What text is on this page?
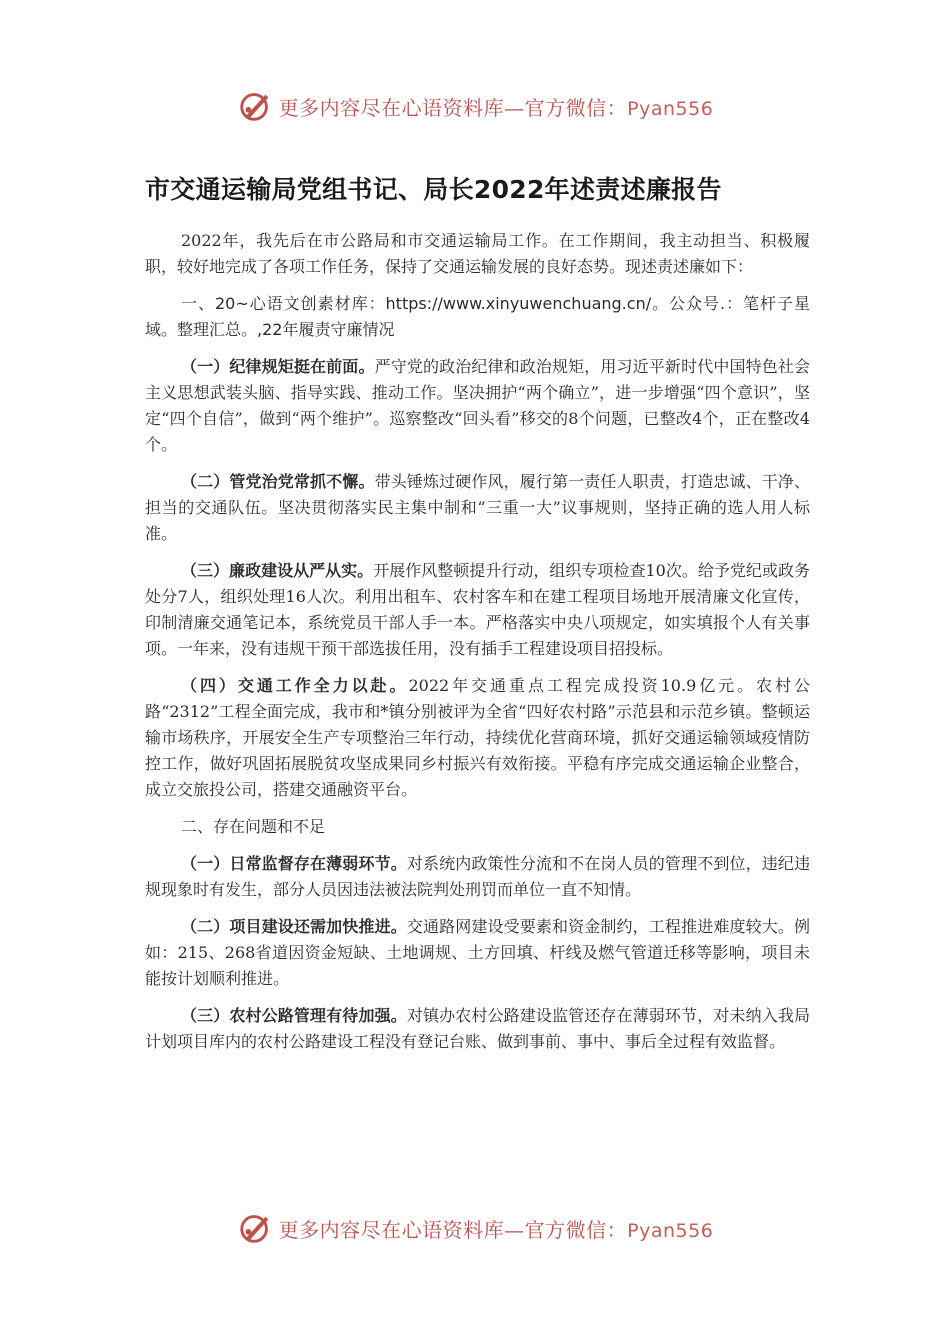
更多内容尽在心语资料库—官方微信：Pyan556
市交通运输局党组书记、局长2022年述责述廉报告

2022年，我先后在市公路局和市交通运输局工作。在工作期间，我主动担当、积极履职，较好地完成了各项工作任务，保持了交通运输发展的良好态势。现述责述廉如下：

一、20~心语文创素材库：https://www.xinyuwenchuang.cn/。公众号.：笔杆子星域。整理汇总。,22年履责守廉情况

（一）纪律规矩挺在前面。严守党的政治纪律和政治规矩，用习近平新时代中国特色社会主义思想武装头脑、指导实践、推动工作。坚决拥护“两个确立”，进一步增强“四个意识”，坚定“四个自信”，做到“两个维护”。巡察整改“回头看”移交的8个问题，已整改4个，正在整改4个。

（二）管党治党常抓不懈。带头锤炼过硬作风，履行第一责任人职责，打造忠诚、干净、担当的交通队伍。坚决贯彻落实民主集中制和“三重一大”议事规则，坚持正确的选人用人标准。

（三）廉政建设从严从实。开展作风整顿提升行动，组织专项检查10次。给予党纪或政务处分7人，组织处理16人次。利用出租车、农村客车和在建工程项目场地开展清廉文化宣传，印制清廉交通笔记本，系统党员干部人手一本。严格落实中央八项规定，如实填报个人有关事项。一年来，没有违规干预干部选拔任用，没有插手工程建设项目招投标。

（四）交通工作全力以赴。2022年交通重点工程完成投资10.9亿元。农村公路“2312”工程全面完成，我市和*镇分别被评为全省“四好农村路”示范县和示范乡镇。整顿运输市场秩序，开展安全生产专项整治三年行动，持续优化营商环境，抓好交通运输领域疫情防控工作，做好巩固拓展脱贫攻坚成果同乡村振兴有效衔接。平稳有序完成交通运输企业整合，成立交旅投公司，搭建交通融资平台。

二、存在问题和不足

（一）日常监督存在薄弱环节。对系统内政策性分流和不在岗人员的管理不到位，违纪违规现象时有发生，部分人员因违法被法院判处刑罚而单位一直不知情。

（二）项目建设还需加快推进。交通路网建设受要素和资金制约，工程推进难度较大。例如：215、268省道因资金短缺、土地调规、土方回填、杆线及燃气管道迁移等影响，项目未能按计划顺利推进。

（三）农村公路管理有待加强。对镇办农村公路建设监管还存在薄弱环节，对未纳入我局计划项目库内的农村公路建设工程没有登记台账、做到事前、事中、事后全过程有效监督。

更多内容尽在心语资料库—官方微信：Pyan556
